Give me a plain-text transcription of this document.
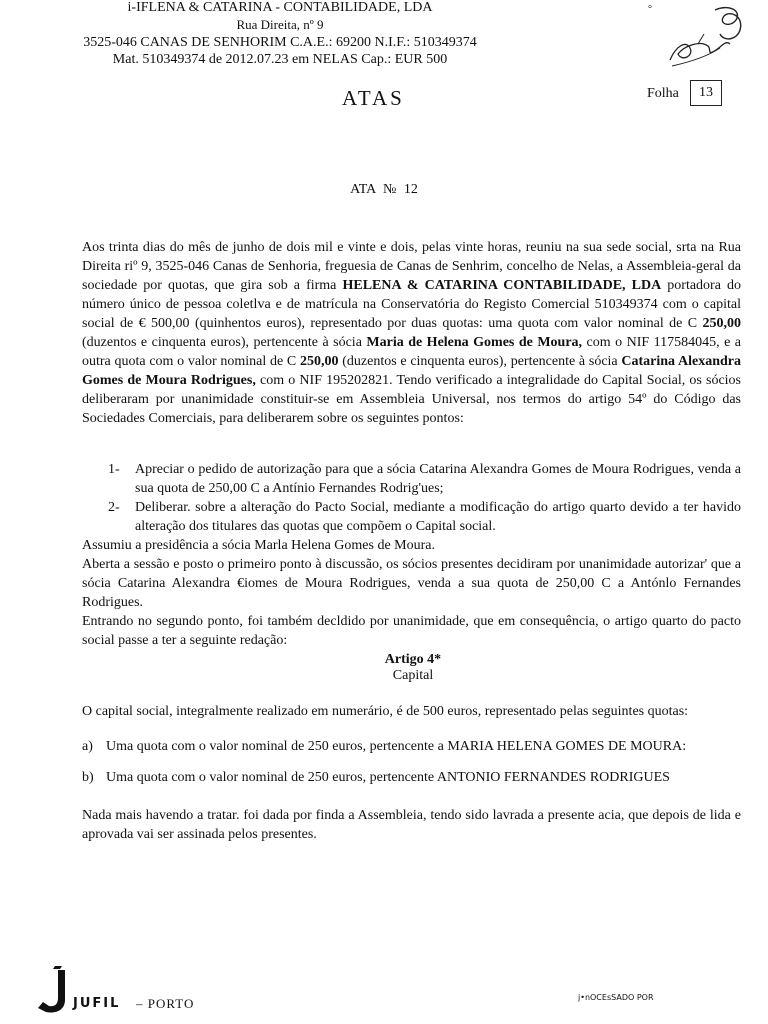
i-IFLENA & CATARINA - CONTABILIDADE, LDA
Rua Direita, nº 9
3525-046 CANAS DE SENHORIM C.A.E.: 69200 N.I.F.: 510349374
Mat. 510349374 de 2012.07.23 em NELAS Cap.: EUR 500
°
ATAS	Folha	13
ATA № 12
Aos trinta dias do mês de junho de dois mil e vinte e dois, pelas vinte horas, reuniu na sua sede social, srta na Rua Direita riº 9, 3525-046 Canas de Senhoria, freguesia de Canas de Senhrim, concelho de Nelas, a Assembleia-geral da sociedade por quotas, que gira sob a firma HELENA & CATARINA CONTABILIDADE, LDA portadora do número único de pessoa coletlva e de matrícula na Conservatória do Registo Comercial 510349374 com o capital social de € 500,00 (quinhentos euros), representado por duas quotas: uma quota com valor nominal de C 250,00 (duzentos e cinquenta euros), pertencente à sócia Maria de Helena Gomes de Moura, com o NIF 117584045, e a outra quota com o valor nominal de C 250,00 (duzentos e cinquenta euros), pertencente à sócia Catarina Alexandra Gomes de Moura Rodrigues, com o NIF 195202821. Tendo verificado a integralidade do Capital Social, os sócios deliberaram por unanimidade constituir-se em Assembleia Universal, nos termos do artigo 54º do Código das Sociedades Comerciais, para deliberarem sobre os seguintes pontos:
1-	Apreciar o pedido de autorização para que a sócia Catarina Alexandra Gomes de Moura Rodrigues, venda a sua quota de 250,00 C a Antínio Fernandes Rodrig'ues;
2-	Deliberar. sobre a alteração do Pacto Social, mediante a modificação do artigo quarto devido a ter havido alteração dos titulares das quotas que compõem o Capital social.
Assumiu a presidência a sócia Marla Helena Gomes de Moura.
Aberta a sessão e posto o primeiro ponto à discussão, os sócios presentes decidiram por unanimidade autorizar' que a sócia Catarina Alexandra €iomes de Moura Rodrigues, venda a sua quota de 250,00 C a Antónlo Fernandes Rodrigues.
Entrando no segundo ponto, foi também decldido por unanimidade, que em consequência, o artigo quarto do pacto social passe a ter a seguinte redação:
Artigo 4*
Capital
O capital social, integralmente realizado em numerário, é de 500 euros, representado pelas seguintes quotas:
a) Uma quota com o valor nominal de 250 euros, pertencente a MARIA HELENA GOMES DE MOURA:
b) Uma quota com o valor nominal de 250 euros, pertencente ANTONIO FERNANDES RODRIGUES
Nada mais havendo a tratar. foi dada por finda a Assembleia, tendo sido lavrada a presente acia, que depois de lida e aprovada vai ser assinada pelos presentes.
JUFIL – PORTO	j•nOCEsSADO POR
